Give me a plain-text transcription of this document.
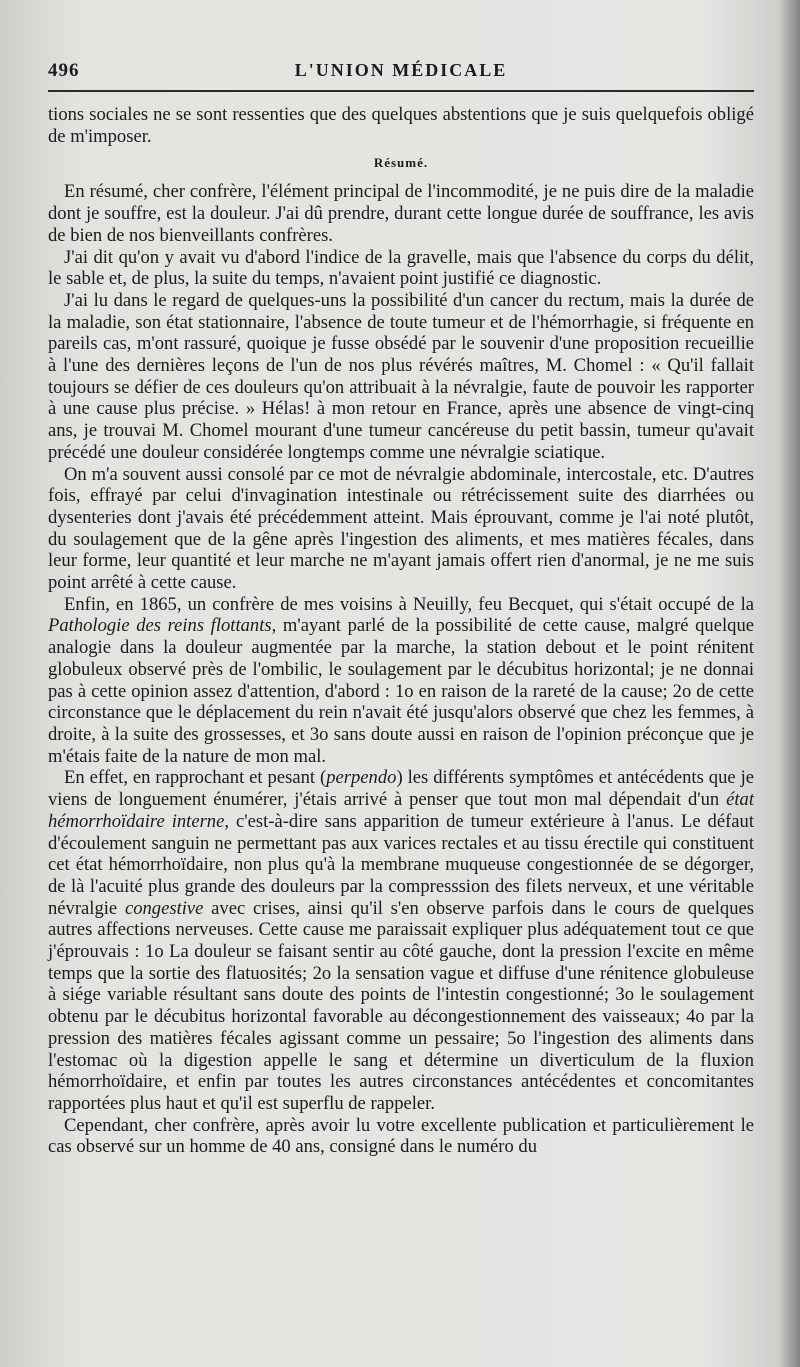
496	L'UNION MÉDICALE

tions sociales ne se sont ressenties que des quelques abstentions que je suis quelquefois obligé de m'imposer.

Résumé.

En résumé, cher confrère, l'élément principal de l'incommodité, je ne puis dire de la maladie dont je souffre, est la douleur. J'ai dû prendre, durant cette longue durée de souffrance, les avis de bien de nos bienveillants confrères.

J'ai dit qu'on y avait vu d'abord l'indice de la gravelle, mais que l'absence du corps du délit, le sable et, de plus, la suite du temps, n'avaient point justifié ce diagnostic.

J'ai lu dans le regard de quelques-uns la possibilité d'un cancer du rectum, mais la durée de la maladie, son état stationnaire, l'absence de toute tumeur et de l'hémorrhagie, si fréquente en pareils cas, m'ont rassuré, quoique je fusse obsédé par le souvenir d'une proposition recueillie à l'une des dernières leçons de l'un de nos plus révérés maîtres, M. Chomel : « Qu'il fallait toujours se défier de ces douleurs qu'on attribuait à la névralgie, faute de pouvoir les rapporter à une cause plus précise. » Hélas! à mon retour en France, après une absence de vingt-cinq ans, je trouvai M. Chomel mourant d'une tumeur cancéreuse du petit bassin, tumeur qu'avait précédé une douleur considérée longtemps comme une névralgie sciatique.

On m'a souvent aussi consolé par ce mot de névralgie abdominale, intercostale, etc. D'autres fois, effrayé par celui d'invagination intestinale ou rétrécissement suite des diarrhées ou dysenteries dont j'avais été précédemment atteint. Mais éprouvant, comme je l'ai noté plutôt, du soulagement que de la gêne après l'ingestion des aliments, et mes matières fécales, dans leur forme, leur quantité et leur marche ne m'ayant jamais offert rien d'anormal, je ne me suis point arrêté à cette cause.

Enfin, en 1865, un confrère de mes voisins à Neuilly, feu Becquet, qui s'était occupé de la Pathologie des reins flottants, m'ayant parlé de la possibilité de cette cause, malgré quelque analogie dans la douleur augmentée par la marche, la station debout et le point rénitent globuleux observé près de l'ombilic, le soulagement par le décubitus horizontal; je ne donnai pas à cette opinion assez d'attention, d'abord : 1o en raison de la rareté de la cause; 2o de cette circonstance que le déplacement du rein n'avait été jusqu'alors observé que chez les femmes, à droite, à la suite des grossesses, et 3o sans doute aussi en raison de l'opinion préconçue que je m'étais faite de la nature de mon mal.

En effet, en rapprochant et pesant (perpendo) les différents symptômes et antécédents que je viens de longuement énumérer, j'étais arrivé à penser que tout mon mal dépendait d'un état hémorrhoïdaire interne, c'est-à-dire sans apparition de tumeur extérieure à l'anus. Le défaut d'écoulement sanguin ne permettant pas aux varices rectales et au tissu érectile qui constituent cet état hémorrhoïdaire, non plus qu'à la membrane muqueuse congestionnée de se dégorger, de là l'acuité plus grande des douleurs par la compresssion des filets nerveux, et une véritable névralgie congestive avec crises, ainsi qu'il s'en observe parfois dans le cours de quelques autres affections nerveuses. Cette cause me paraissait expliquer plus adéquatement tout ce que j'éprouvais : 1o La douleur se faisant sentir au côté gauche, dont la pression l'excite en même temps que la sortie des flatuosités; 2o la sensation vague et diffuse d'une rénitence globuleuse à siége variable résultant sans doute des points de l'intestin congestionné; 3o le soulagement obtenu par le décubitus horizontal favorable au décongestionnement des vaisseaux; 4o par la pression des matières fécales agissant comme un pessaire; 5o l'ingestion des aliments dans l'estomac où la digestion appelle le sang et détermine un diverticulum de la fluxion hémorrhoïdaire, et enfin par toutes les autres circonstances antécédentes et concomitantes rapportées plus haut et qu'il est superflu de rappeler.

Cependant, cher confrère, après avoir lu votre excellente publication et particulièrement le cas observé sur un homme de 40 ans, consigné dans le numéro du
